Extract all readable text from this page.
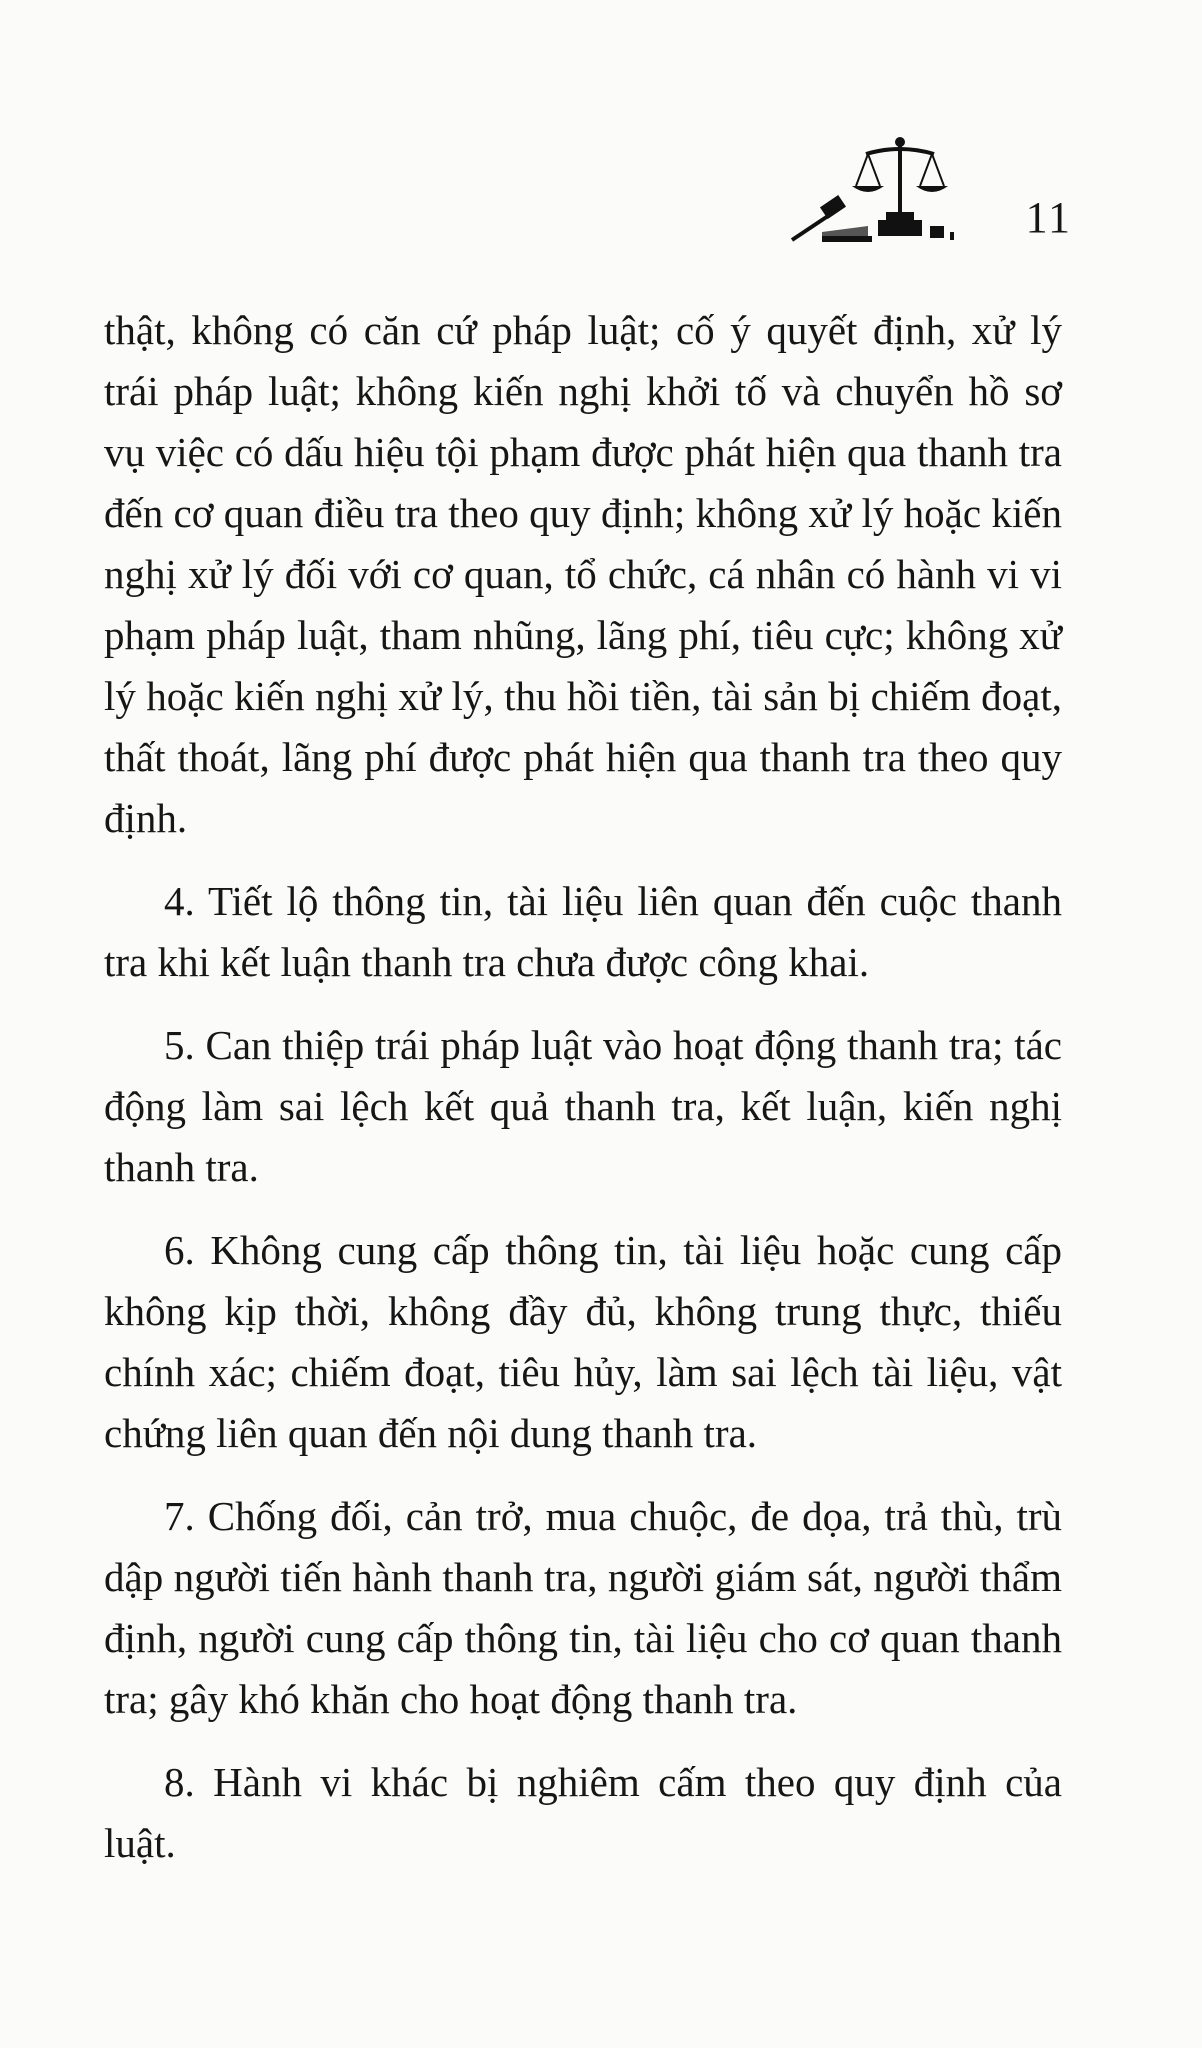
11

thật, không có căn cứ pháp luật; cố ý quyết định, xử lý trái pháp luật; không kiến nghị khởi tố và chuyển hồ sơ vụ việc có dấu hiệu tội phạm được phát hiện qua thanh tra đến cơ quan điều tra theo quy định; không xử lý hoặc kiến nghị xử lý đối với cơ quan, tổ chức, cá nhân có hành vi vi phạm pháp luật, tham nhũng, lãng phí, tiêu cực; không xử lý hoặc kiến nghị xử lý, thu hồi tiền, tài sản bị chiếm đoạt, thất thoát, lãng phí được phát hiện qua thanh tra theo quy định.

4. Tiết lộ thông tin, tài liệu liên quan đến cuộc thanh tra khi kết luận thanh tra chưa được công khai.

5. Can thiệp trái pháp luật vào hoạt động thanh tra; tác động làm sai lệch kết quả thanh tra, kết luận, kiến nghị thanh tra.

6. Không cung cấp thông tin, tài liệu hoặc cung cấp không kịp thời, không đầy đủ, không trung thực, thiếu chính xác; chiếm đoạt, tiêu hủy, làm sai lệch tài liệu, vật chứng liên quan đến nội dung thanh tra.

7. Chống đối, cản trở, mua chuộc, đe dọa, trả thù, trù dập người tiến hành thanh tra, người giám sát, người thẩm định, người cung cấp thông tin, tài liệu cho cơ quan thanh tra; gây khó khăn cho hoạt động thanh tra.

8. Hành vi khác bị nghiêm cấm theo quy định của luật.
